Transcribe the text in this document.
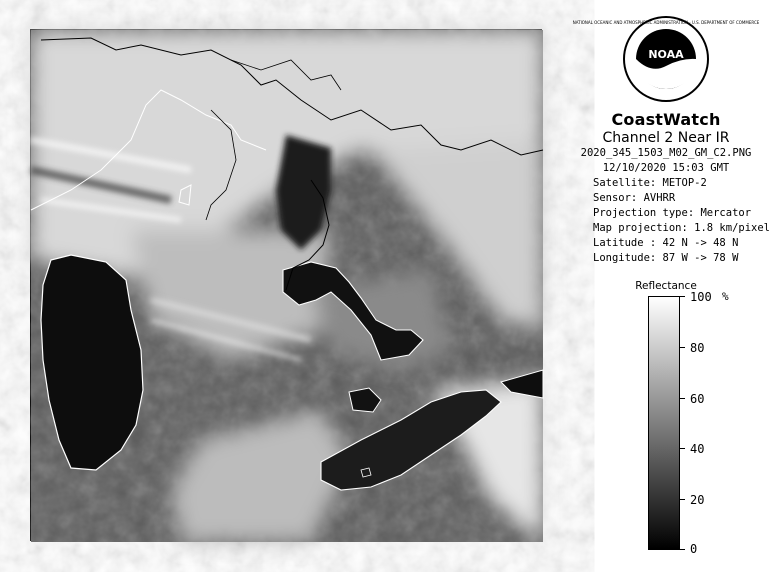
NOAA
NATIONAL OCEANIC AND ATMOSPHERIC ADMINISTRATION · U.S. DEPARTMENT OF COMMERCE
CoastWatch
Channel 2 Near IR
2020_345_1503_M02_GM_C2.PNG
12/10/2020 15:03 GMT
Satellite: METOP-2
Sensor: AVHRR
Projection type: Mercator
Map projection: 1.8 km/pixel
Latitude : 42 N -> 48 N
Longitude: 87 W -> 78 W
Reflectance
%
100
80
60
40
20
0
